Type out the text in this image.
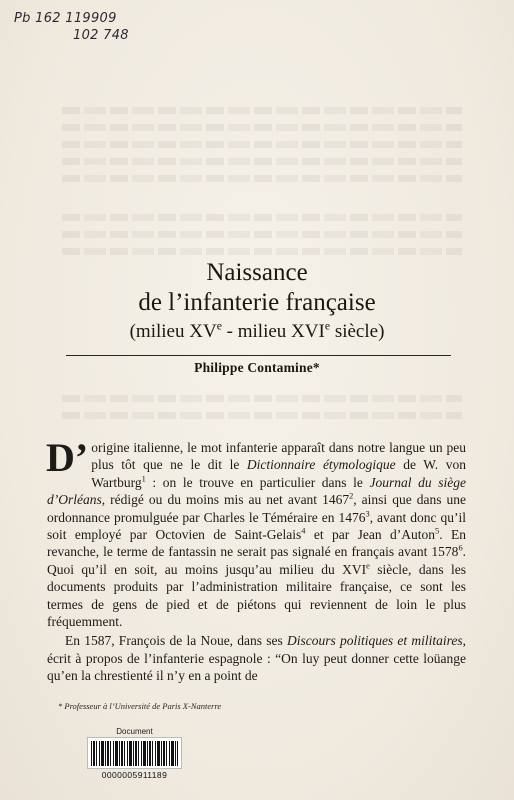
Pb 162 119909
102 748
Naissance
de l’infanterie française
(milieu XVe - milieu XVIe siècle)
Philippe Contamine*

D’ origine italienne, le mot infanterie apparaît dans notre langue un peu plus tôt que ne le dit le Dictionnaire étymologique de W. von Wartburg$^1$ : on le trouve en particulier dans le Journal du siège d’Orléans, rédigé ou du moins mis au net avant 1467$^2$, ainsi que dans une ordonnance promulguée par Charles le Téméraire en 1476$^3$, avant donc qu’il soit employé par Octovien de Saint-Gelais$^4$ et par Jean d’Auton$^5$. En revanche, le terme de fantassin ne serait pas signalé en français avant 1578$^6$. Quoi qu’il en soit, au moins jusqu’au milieu du XVIe siècle, dans les documents produits par l’administration militaire française, ce sont les termes de gens de pied et de piétons qui reviennent de loin le plus fréquemment.

En 1587, François de la Noue, dans ses Discours politiques et militaires, écrit à propos de l’infanterie espagnole : “On luy peut donner cette loüange qu’en la chrestienté il n’y en a point de

* Professeur à l’Université de Paris X-Nanterre
Document
0000005911189
